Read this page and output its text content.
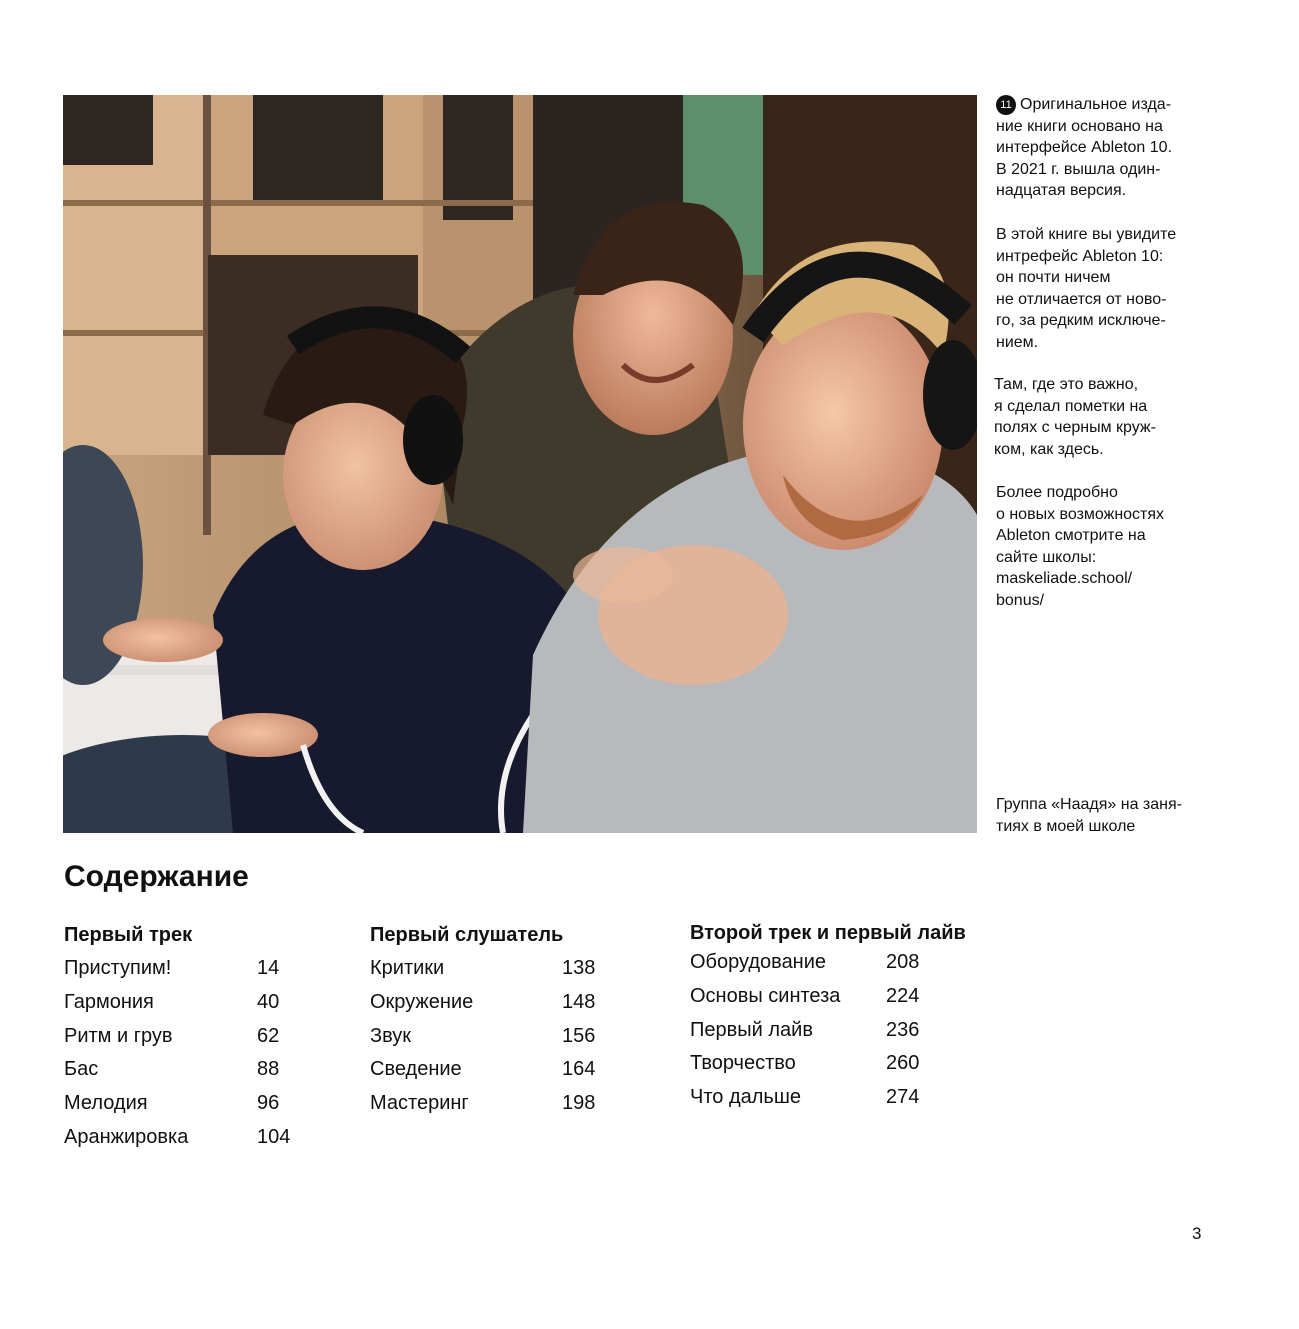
11 Оригинальное изда-
ние книги основано на
интерфейсе Ableton 10.
В 2021 г. вышла один-
надцатая версия.

В этой книге вы увидите
интрефейс Ableton 10:
он почти ничем
не отличается от ново-
го, за редким исключе-
нием.

Там, где это важно,
я сделал пометки на
полях с черным круж-
ком, как здесь.

Более подробно
о новых возможностях
Ableton смотрите на
сайте школы:
maskeliade.school/
bonus/

Группа «Наадя» на заня-
тиях в моей школе

Содержание
Первый трек
Приступим!	14
Гармония	40
Ритм и грув	62
Бас	88
Мелодия	96
Аранжировка	104
Первый слушатель
Критики	138
Окружение	148
Звук	156
Сведение	164
Мастеринг	198
Второй трек и первый лайв
Оборудование	208
Основы синтеза	224
Первый лайв	236
Творчество	260
Что дальше	274
3
